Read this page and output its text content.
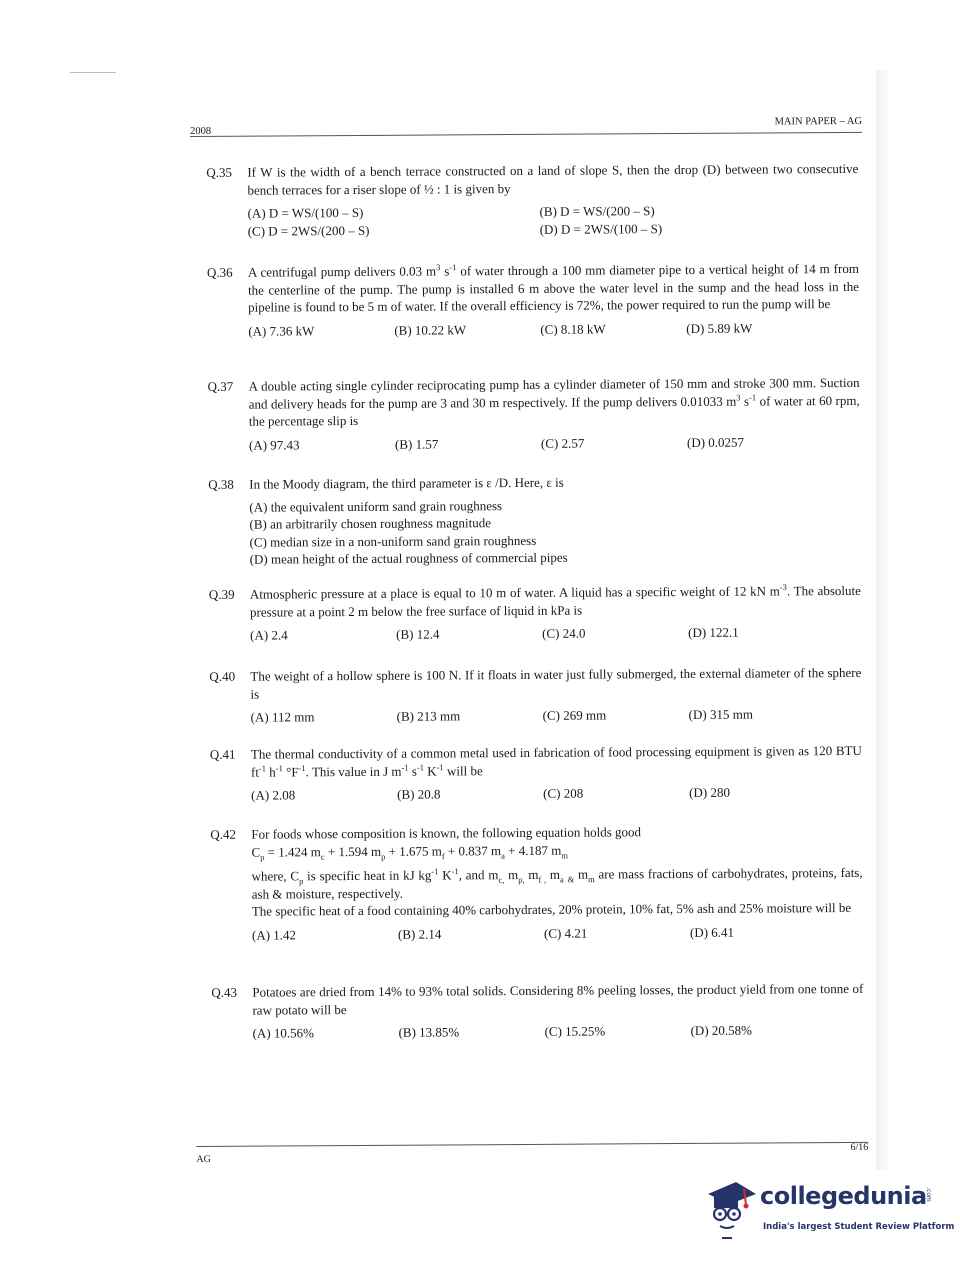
2008
MAIN PAPER – AG
Q.35 If W is the width of a bench terrace constructed on a land of slope S, then the drop (D) between two consecutive bench terraces for a riser slope of ½ : 1 is given by
(A) D = WS/(100 – S)	(B) D = WS/(200 – S)
(C) D = 2WS/(200 – S)	(D) D = 2WS/(100 – S)
Q.36 A centrifugal pump delivers 0.03 $m^3$ $s^{-1}$ of water through a 100 mm diameter pipe to a vertical height of 14 m from the centerline of the pump. The pump is installed 6 m above the water level in the sump and the head loss in the pipeline is found to be 5 m of water. If the overall efficiency is 72%, the power required to run the pump will be
(A) 7.36 kW	(B) 10.22 kW	(C) 8.18 kW	(D) 5.89 kW
Q.37 A double acting single cylinder reciprocating pump has a cylinder diameter of 150 mm and stroke 300 mm. Suction and delivery heads for the pump are 3 and 30 m respectively. If the pump delivers 0.01033 $m^3$ $s^{-1}$ of water at 60 rpm, the percentage slip is
(A) 97.43	(B) 1.57	(C) 2.57	(D) 0.0257
Q.38 In the Moody diagram, the third parameter is ε /D. Here, ε is
(A) the equivalent uniform sand grain roughness
(B) an arbitrarily chosen roughness magnitude
(C) median size in a non-uniform sand grain roughness
(D) mean height of the actual roughness of commercial pipes
Q.39 Atmospheric pressure at a place is equal to 10 m of water. A liquid has a specific weight of 12 kN $m^{-3}$. The absolute pressure at a point 2 m below the free surface of liquid in kPa is
(A) 2.4	(B) 12.4	(C) 24.0	(D) 122.1
Q.40 The weight of a hollow sphere is 100 N. If it floats in water just fully submerged, the external diameter of the sphere is
(A) 112 mm	(B) 213 mm	(C) 269 mm	(D) 315 mm
Q.41 The thermal conductivity of a common metal used in fabrication of food processing equipment is given as 120 BTU $ft^{-1}$ $h^{-1}$ $^\circ F^{-1}$. This value in J $m^{-1}$ $s^{-1}$ $K^{-1}$ will be
(A) 2.08	(B) 20.8	(C) 208	(D) 280
Q.42 For foods whose composition is known, the following equation holds good
$C_p = 1.424$ $m_c + 1.594$ $m_p + 1.675$ $m_f + 0.837$ $m_a + 4.187$ $m_m$
where, $C_p$ is specific heat in kJ $kg^{-1}$ $K^{-1}$, and $m_{c,}$ $m_{p,}$ $m_{f ,}$ $m_a$ $_{\&}$ $m_m$ are mass fractions of carbohydrates, proteins, fats, ash & moisture, respectively.
The specific heat of a food containing 40% carbohydrates, 20% protein, 10% fat, 5% ash and 25% moisture will be
(A) 1.42	(B) 2.14	(C) 4.21	(D) 6.41
Q.43 Potatoes are dried from 14% to 93% total solids. Considering 8% peeling losses, the product yield from one tonne of raw potato will be
(A) 10.56%	(B) 13.85%	(C) 15.25%	(D) 20.58%
AG
6/16
collegedunia
.com
India's largest Student Review Platform
